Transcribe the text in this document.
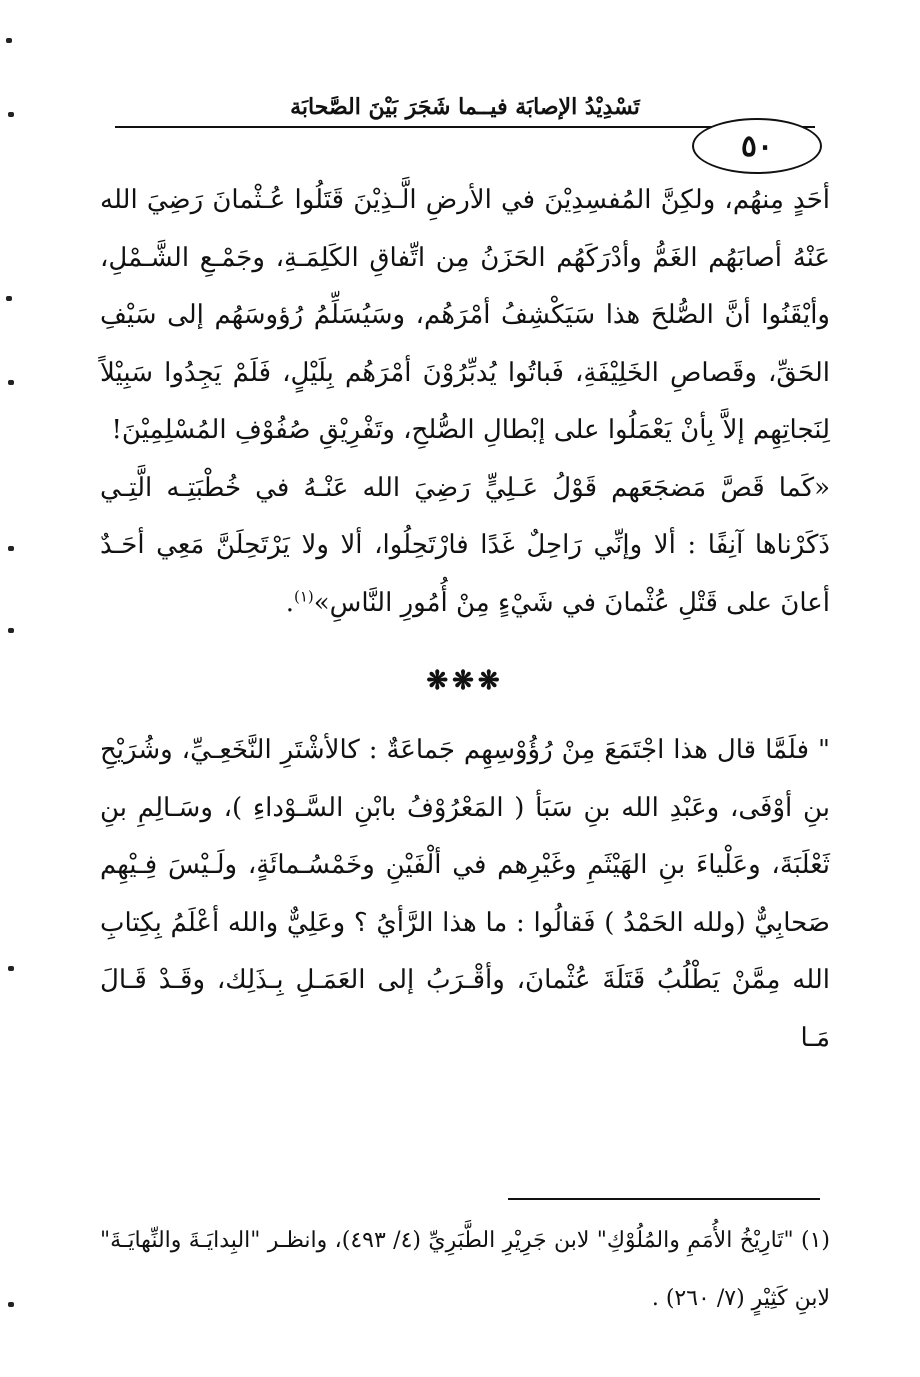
تَسْدِيْدُ الإصابَة فيــما شَجَرَ بَيْنَ الصَّحابَة
٥٠

أحَدٍ مِنهُم، ولكِنَّ المُفسِدِيْنَ في الأرضِ الَّـذِيْنَ قَتَلُوا عُـثْمانَ رَضِيَ الله عَنْهُ أصابَهُم الغَمُّ وأدْرَكَهُم الحَزَنُ مِن اتِّفاقِ الكَلِمَـةِ، وجَمْـعِ الشَّـمْلِ، وأيْقَنُوا أنَّ الصُّلحَ هذا سَيَكْشِفُ أمْرَهُم، وسَيُسَلِّمُ رُؤوسَهُم إلى سَيْفِ الحَقِّ، وقَصاصِ الخَلِيْفَةِ، فَباتُوا يُدبِّرُوْنَ أمْرَهُم بِلَيْلٍ، فَلَمْ يَجِدُوا سَبِيْلاً لِنَجاتِهِم إلاَّ بِأنْ يَعْمَلُوا على إبْطالِ الصُّلحِ، وتَفْرِيْقِ صُفُوْفِ المُسْلِمِيْنَ!

«كَما قَصَّ مَضجَعَهم قَوْلُ عَـلِيٍّ رَضِيَ الله عَنْـهُ في خُطْبَتِـه الَّتِـي ذَكَرْناها آنِفًا : ألا وإنِّي رَاحِلٌ غَدًا فارْتَحِلُوا، ألا ولا يَرْتَحِلَنَّ مَعِي أحَـدٌ أعانَ على قَتْلِ عُثْمانَ في شَيْءٍ مِنْ أُمُورِ النَّاسِ»$^{(١)}$.

❋❋❋

" فلَمَّا قال هذا اجْتَمَعَ مِنْ رُؤُوْسِهِم جَماعَةٌ : كالأشْتَرِ النَّخَعِـيِّ، وشُرَيْحِ بنِ أوْفَى، وعَبْدِ الله بنِ سَبَأ ( المَعْرُوْفُ بابْنِ السَّـوْداءِ )، وسَـالِمِ بنِ ثَعْلَبَةَ، وعَلْياءَ بنِ الهَيْثَمِ وغَيْرِهم في ألْفَيْنِ وخَمْسُـمائَةٍ، ولَـيْسَ فِـيْهِم صَحابِيٌّ (ولله الحَمْدُ ) فَقالُوا : ما هذا الرَّأيُ ؟ وعَلِيٌّ والله أعْلَمُ بِكِتابِ الله مِمَّنْ يَطْلُبُ قَتَلَةَ عُثْمانَ، وأقْـرَبُ إلى العَمَـلِ بِـذَلِك، وقَـدْ قَـالَ مَـا

(١) "تَارِيْخُ الأُمَمِ والمُلُوْكِ" لابن جَرِيْرِ الطَّبَرِيِّ (٤/ ٤٩٣)، وانظـر "البِدايَـةَ والنِّهايَـةَ" لابنِ كَثِيْرٍ (٧/ ٢٦٠) .
